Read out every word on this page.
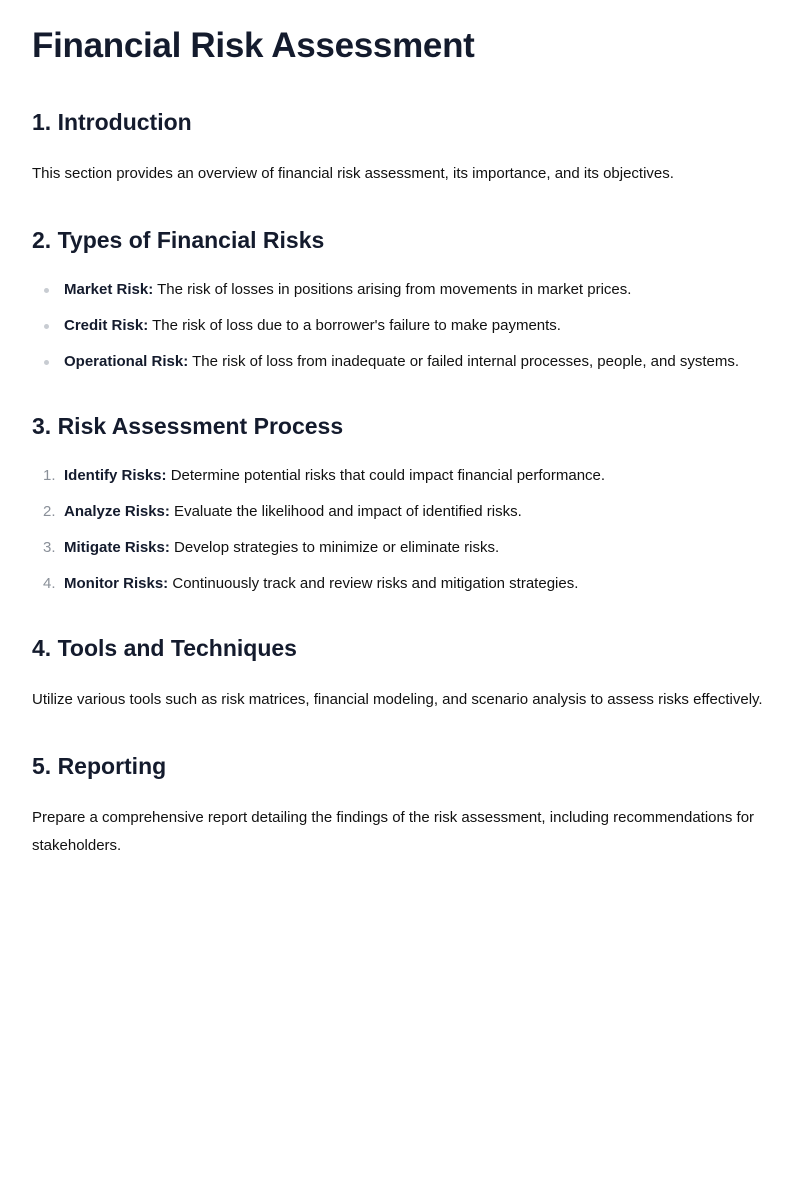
Financial Risk Assessment
1. Introduction

This section provides an overview of financial risk assessment, its importance, and its objectives.

2. Types of Financial Risks
Market Risk: The risk of losses in positions arising from movements in market prices.
Credit Risk: The risk of loss due to a borrower's failure to make payments.
Operational Risk: The risk of loss from inadequate or failed internal processes, people, and systems.
3. Risk Assessment Process
1. Identify Risks: Determine potential risks that could impact financial performance.
2. Analyze Risks: Evaluate the likelihood and impact of identified risks.
3. Mitigate Risks: Develop strategies to minimize or eliminate risks.
4. Monitor Risks: Continuously track and review risks and mitigation strategies.
4. Tools and Techniques

Utilize various tools such as risk matrices, financial modeling, and scenario analysis to assess risks effectively.

5. Reporting

Prepare a comprehensive report detailing the findings of the risk assessment, including recommendations for stakeholders.
